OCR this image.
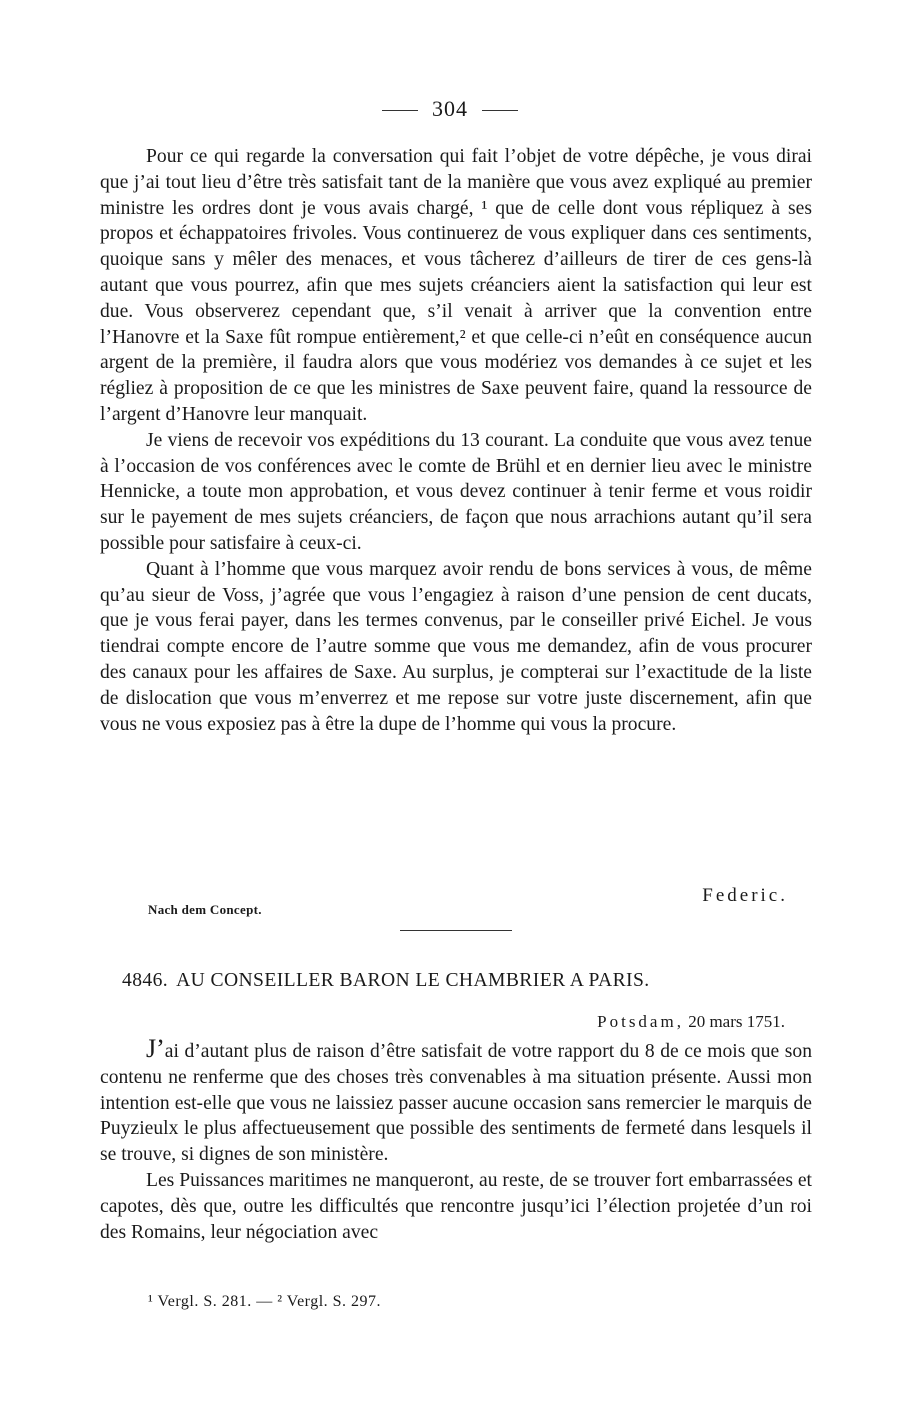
304

Pour ce qui regarde la conversation qui fait l’objet de votre dépêche, je vous dirai que j’ai tout lieu d’être très satisfait tant de la manière que vous avez expliqué au premier ministre les ordres dont je vous avais chargé, ¹ que de celle dont vous répliquez à ses propos et échappatoires frivoles. Vous continuerez de vous expliquer dans ces sentiments, quoique sans y mêler des menaces, et vous tâcherez d’ailleurs de tirer de ces gens-là autant que vous pourrez, afin que mes sujets créanciers aient la satisfaction qui leur est due. Vous observerez cependant que, s’il venait à arriver que la convention entre l’Hanovre et la Saxe fût rompue entièrement,² et que celle-ci n’eût en conséquence aucun argent de la première, il faudra alors que vous modériez vos demandes à ce sujet et les régliez à proposition de ce que les ministres de Saxe peuvent faire, quand la ressource de l’argent d’Hanovre leur manquait.

Je viens de recevoir vos expéditions du 13 courant. La conduite que vous avez tenue à l’occasion de vos conférences avec le comte de Brühl et en dernier lieu avec le ministre Hennicke, a toute mon approbation, et vous devez continuer à tenir ferme et vous roidir sur le payement de mes sujets créanciers, de façon que nous arrachions autant qu’il sera possible pour satisfaire à ceux-ci.

Quant à l’homme que vous marquez avoir rendu de bons services à vous, de même qu’au sieur de Voss, j’agrée que vous l’engagiez à raison d’une pension de cent ducats, que je vous ferai payer, dans les termes convenus, par le conseiller privé Eichel. Je vous tiendrai compte encore de l’autre somme que vous me demandez, afin de vous procurer des canaux pour les affaires de Saxe. Au surplus, je compterai sur l’exactitude de la liste de dislocation que vous m’enverrez et me repose sur votre juste discernement, afin que vous ne vous exposiez pas à être la dupe de l’homme qui vous la procure.

Federic.
Nach dem Concept.
4846. AU CONSEILLER BARON LE CHAMBRIER A PARIS.
Potsdam, 20 mars 1751.

J’ai d’autant plus de raison d’être satisfait de votre rapport du 8 de ce mois que son contenu ne renferme que des choses très convenables à ma situation présente. Aussi mon intention est-elle que vous ne laissiez passer aucune occasion sans remercier le marquis de Puyzieulx le plus affectueusement que possible des sentiments de fermeté dans lesquels il se trouve, si dignes de son ministère.

Les Puissances maritimes ne manqueront, au reste, de se trouver fort embarrassées et capotes, dès que, outre les difficultés que rencontre jusqu’ici l’élection projetée d’un roi des Romains, leur négociation avec

¹ Vergl. S. 281. — ² Vergl. S. 297.
